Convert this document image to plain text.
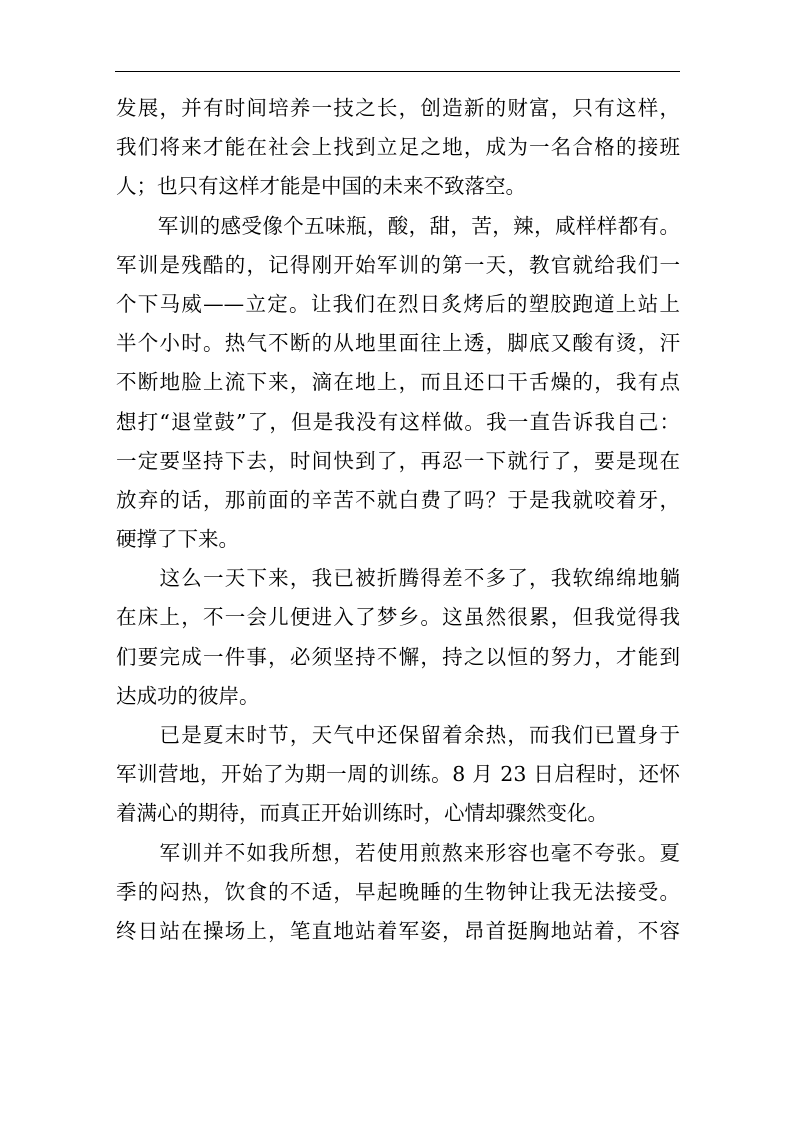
发展，并有时间培养一技之长，创造新的财富，只有这样，
我们将来才能在社会上找到立足之地，成为一名合格的接班
人；也只有这样才能是中国的未来不致落空。
　　军训的感受像个五味瓶，酸，甜，苦，辣，咸样样都有。
军训是残酷的，记得刚开始军训的第一天，教官就给我们一
个下马威——立定。让我们在烈日炙烤后的塑胶跑道上站上
半个小时。热气不断的从地里面往上透，脚底又酸有烫，汗
不断地脸上流下来，滴在地上，而且还口干舌燥的，我有点
想打“退堂鼓”了，但是我没有这样做。我一直告诉我自己：
一定要坚持下去，时间快到了，再忍一下就行了，要是现在
放弃的话，那前面的辛苦不就白费了吗？于是我就咬着牙，
硬撑了下来。
　　这么一天下来，我已被折腾得差不多了，我软绵绵地躺
在床上，不一会儿便进入了梦乡。这虽然很累，但我觉得我
们要完成一件事，必须坚持不懈，持之以恒的努力，才能到
达成功的彼岸。
　　已是夏末时节，天气中还保留着余热，而我们已置身于
军训营地，开始了为期一周的训练。8 月 23 日启程时，还怀
着满心的期待，而真正开始训练时，心情却骤然变化。
　　军训并不如我所想，若使用煎熬来形容也毫不夸张。夏
季的闷热，饮食的不适，早起晚睡的生物钟让我无法接受。
终日站在操场上，笔直地站着军姿，昂首挺胸地站着，不容
